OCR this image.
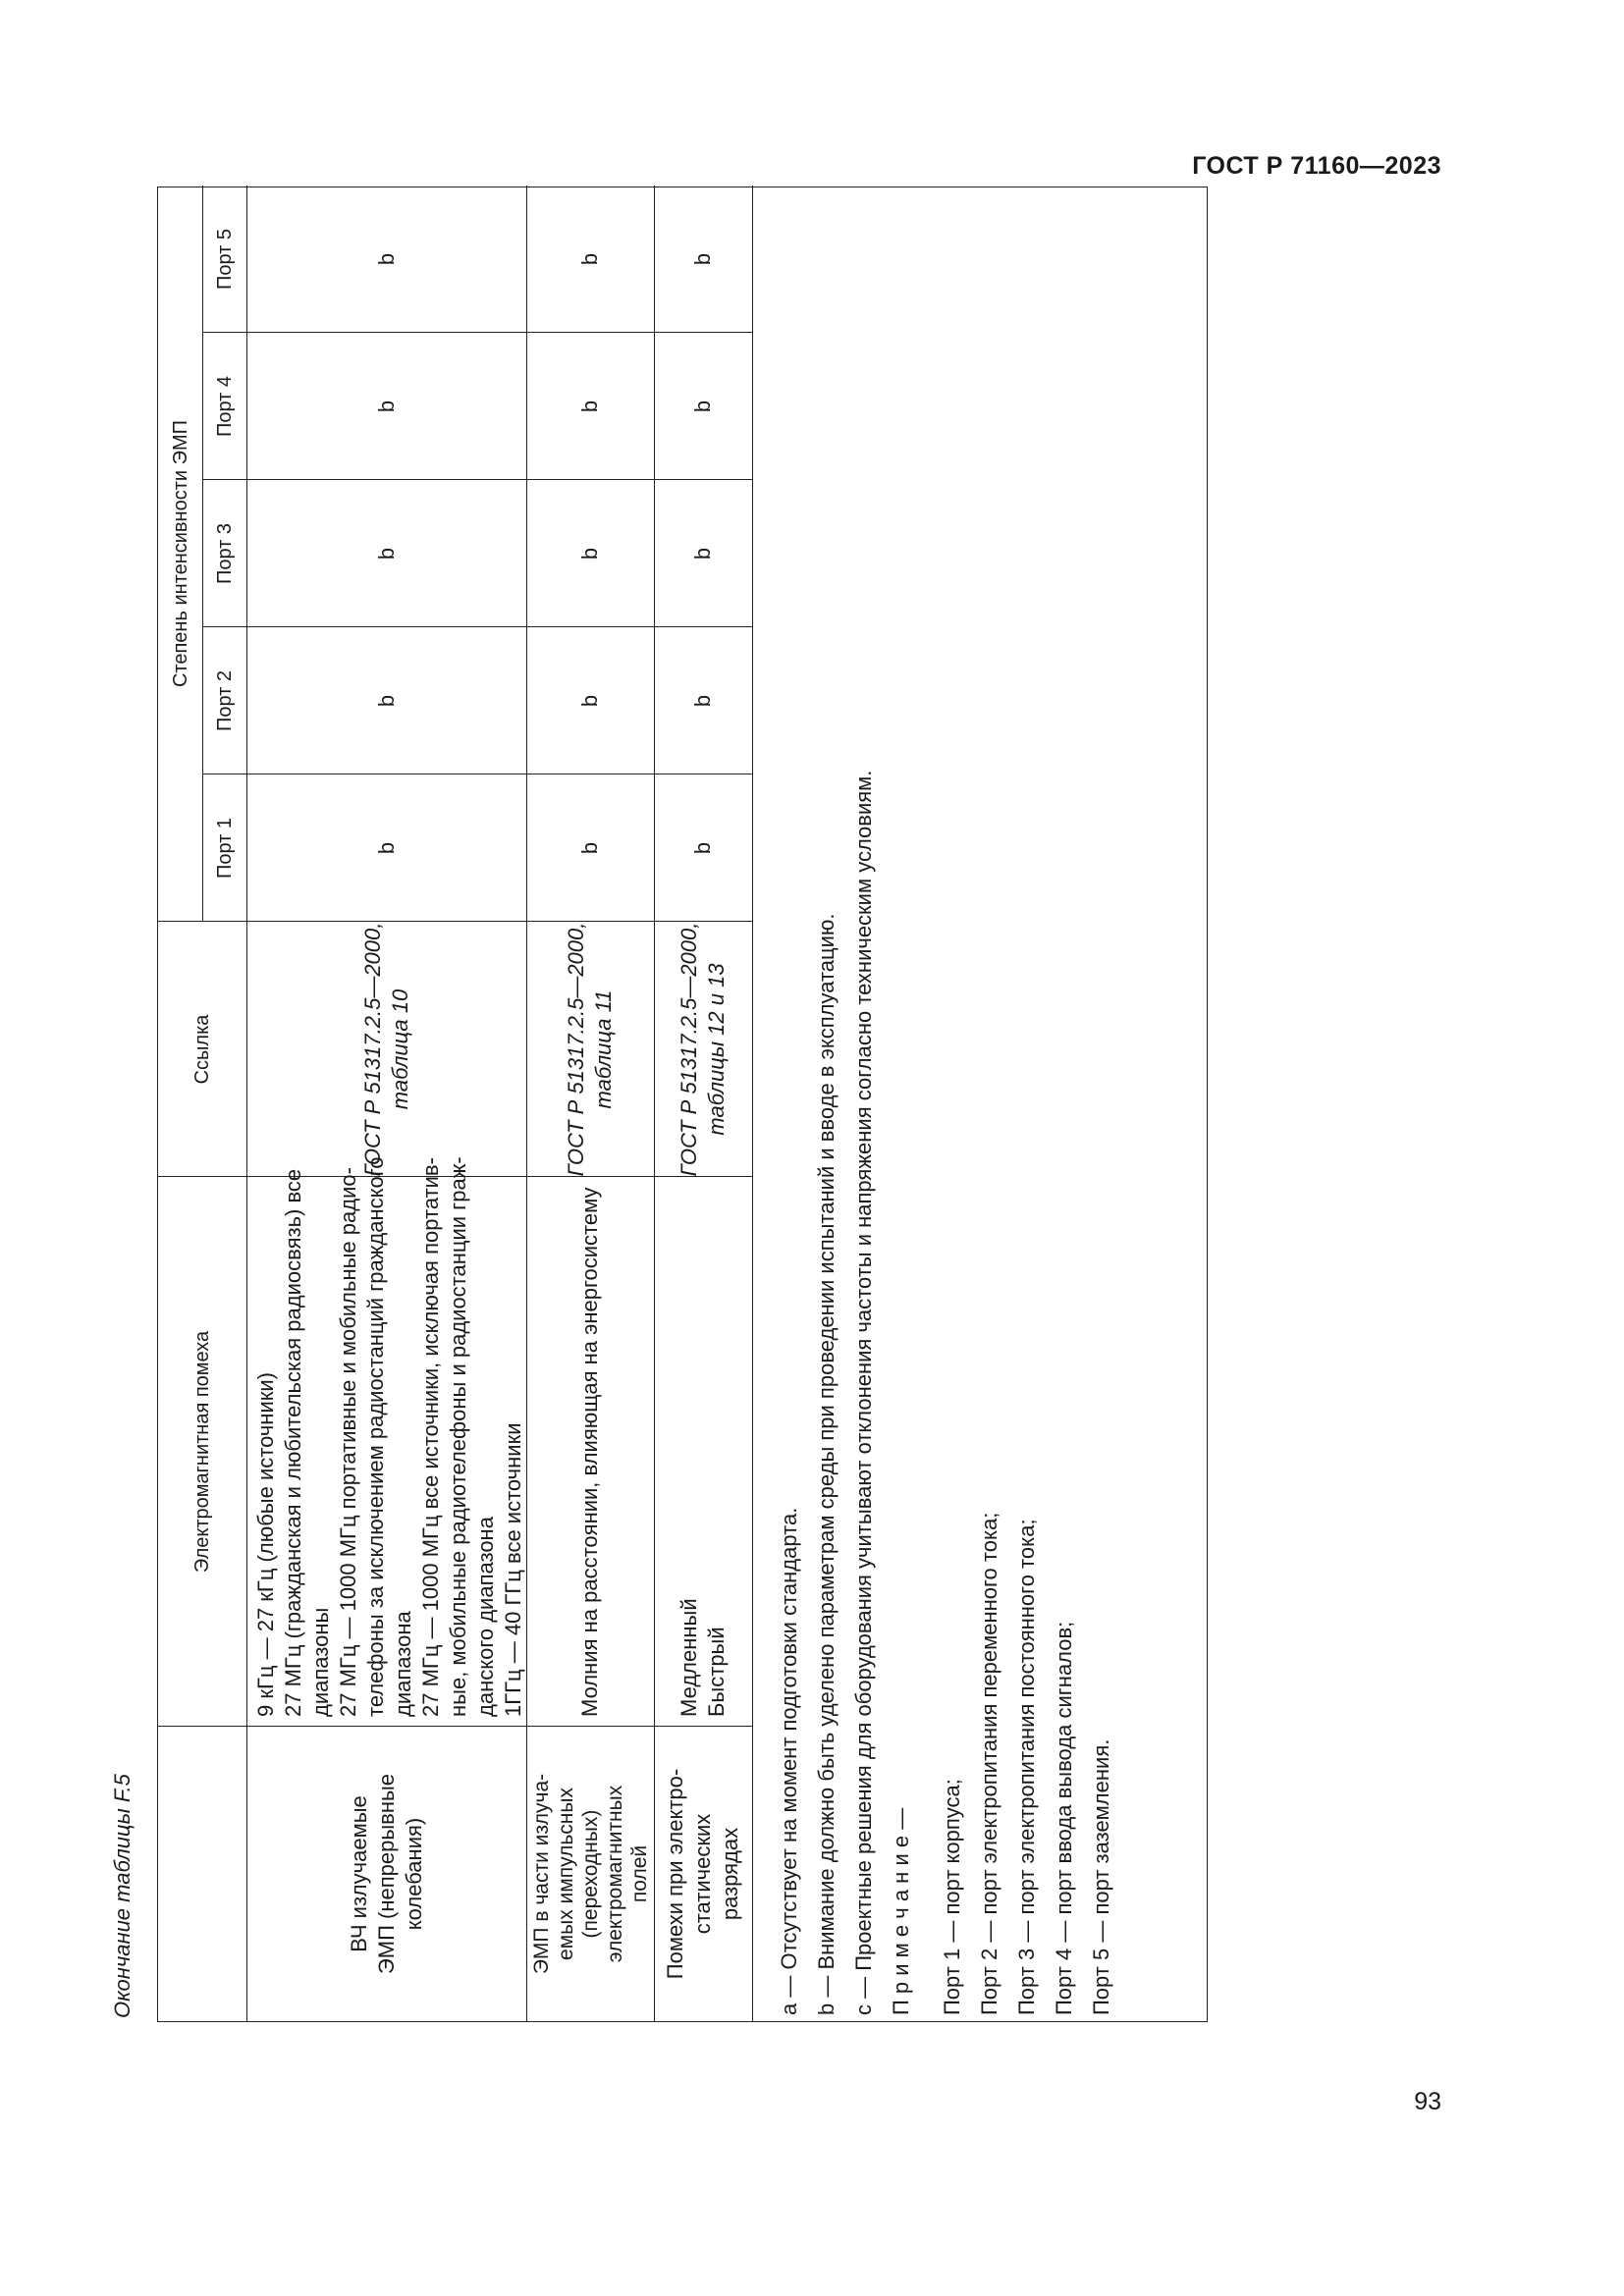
ГОСТ Р 71160—2023
93
Окончание таблицы F.5
Электромагнитная помеха
Ссылка
Степень интенсивности ЭМП
Порт 1
Порт 2
Порт 3
Порт 4
Порт 5
ВЧ излучаемые ЭМП (непрерывные колебания)
9 кГц — 27 кГц (любые источники) 27 МГц (гражданская и любительская радиосвязь) все диапазоны 27 МГц — 1000 МГц портативные и мобильные радио- телефоны за исключением радиостанций гражданского диапазона 27 МГц — 1000 МГц все источники, исключая портатив- ные, мобильные радиотелефоны и радиостанции граж- данского диапазона 1ГГц — 40 ГГц все источники
ГОСТ Р 51317.2.5—2000, таблица 10
b
b
b
b
b
ЭМП в части излуча- емых импульсных (переходных) электромагнитных полей
Молния на расстоянии, влияющая на энергосистему
ГОСТ Р 51317.2.5—2000, таблица 11
b
b
b
b
b
Помехи при электро- статических разрядах
Медленный Быстрый
ГОСТ Р 51317.2.5—2000, таблицы 12 и 13
b
b
b
b
b
а — Отсутствует на момент подготовки стандарта. b — Внимание должно быть уделено параметрам среды при проведении испытаний и вводе в эксплуатацию. с — Проектные решения для оборудования учитывают отклонения частоты и напряжения согласно техническим условиям. П р и м е ч а н и е — Порт 1 — порт корпуса; Порт 2 — порт электропитания переменного тока; Порт 3 — порт электропитания постоянного тока; Порт 4 — порт ввода вывода сигналов; Порт 5 — порт заземления.
